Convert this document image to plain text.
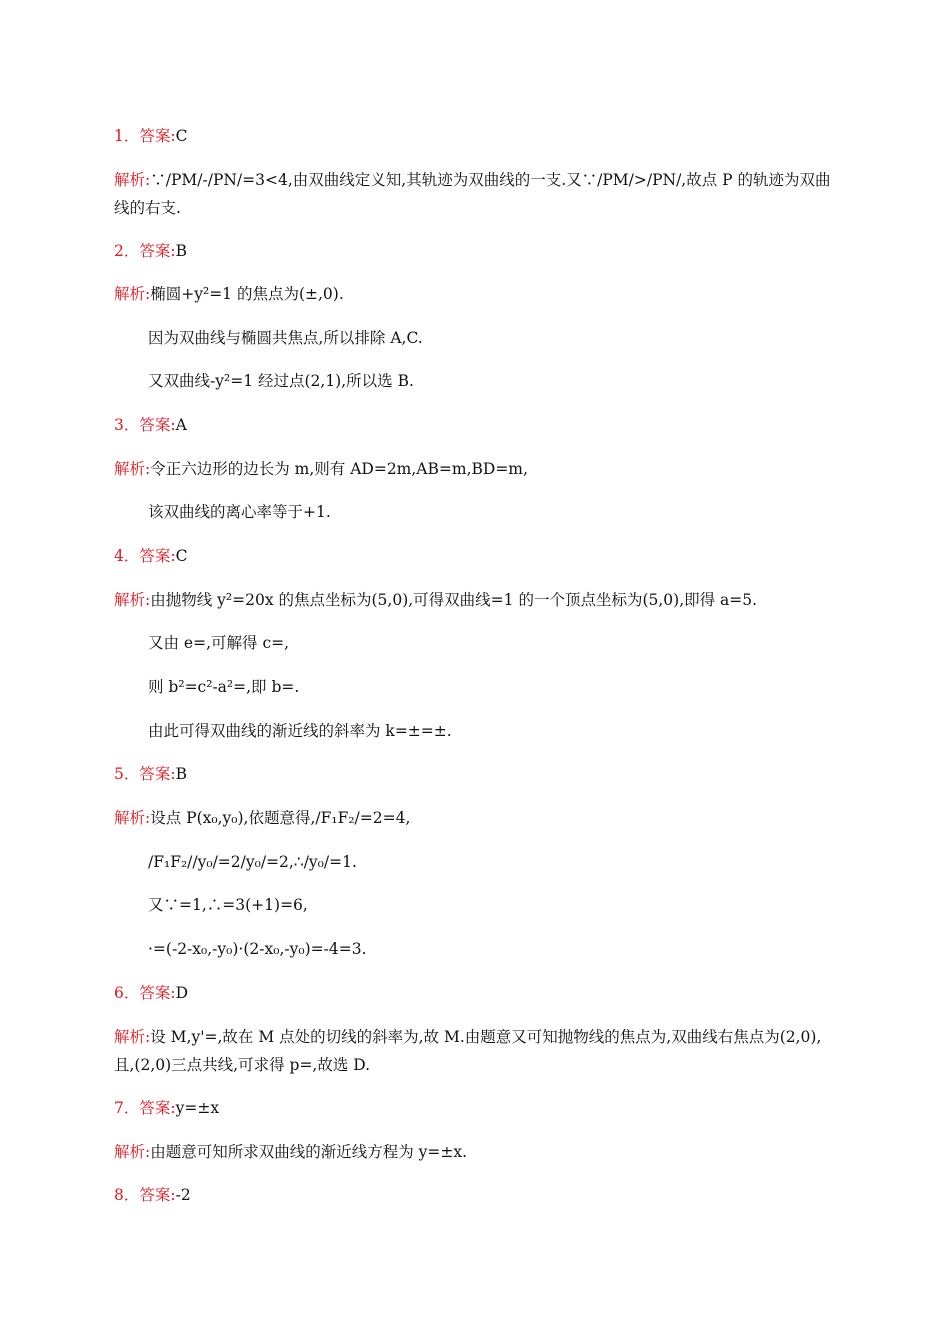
1．答案:C
解析:∵/PM/-/PN/=3<4,由双曲线定义知,其轨迹为双曲线的一支.又∵/PM/>/PN/,故点 P 的轨迹为双曲线的右支.
2．答案:B
解析:椭圆+y²=1 的焦点为(±,0).
因为双曲线与椭圆共焦点,所以排除 A,C.
又双曲线-y²=1 经过点(2,1),所以选 B.
3．答案:A
解析:令正六边形的边长为 m,则有 AD=2m,AB=m,BD=m,
该双曲线的离心率等于+1.
4．答案:C
解析:由抛物线 y²=20x 的焦点坐标为(5,0),可得双曲线=1 的一个顶点坐标为(5,0),即得 a=5.
又由 e=,可解得 c=,
则 b²=c²-a²=,即 b=.
由此可得双曲线的渐近线的斜率为 k=±=±.
5．答案:B
解析:设点 P(x₀,y₀),依题意得,/F₁F₂/=2=4,
/F₁F₂//y₀/=2/y₀/=2,∴/y₀/=1.
又∵=1,∴=3(+1)=6,
·=(-2-x₀,-y₀)·(2-x₀,-y₀)=-4=3.
6．答案:D
解析:设 M,y'=,故在 M 点处的切线的斜率为,故 M.由题意又可知抛物线的焦点为,双曲线右焦点为(2,0),且,(2,0)三点共线,可求得 p=,故选 D.
7．答案:y=±x
解析:由题意可知所求双曲线的渐近线方程为 y=±x.
8．答案:-2
